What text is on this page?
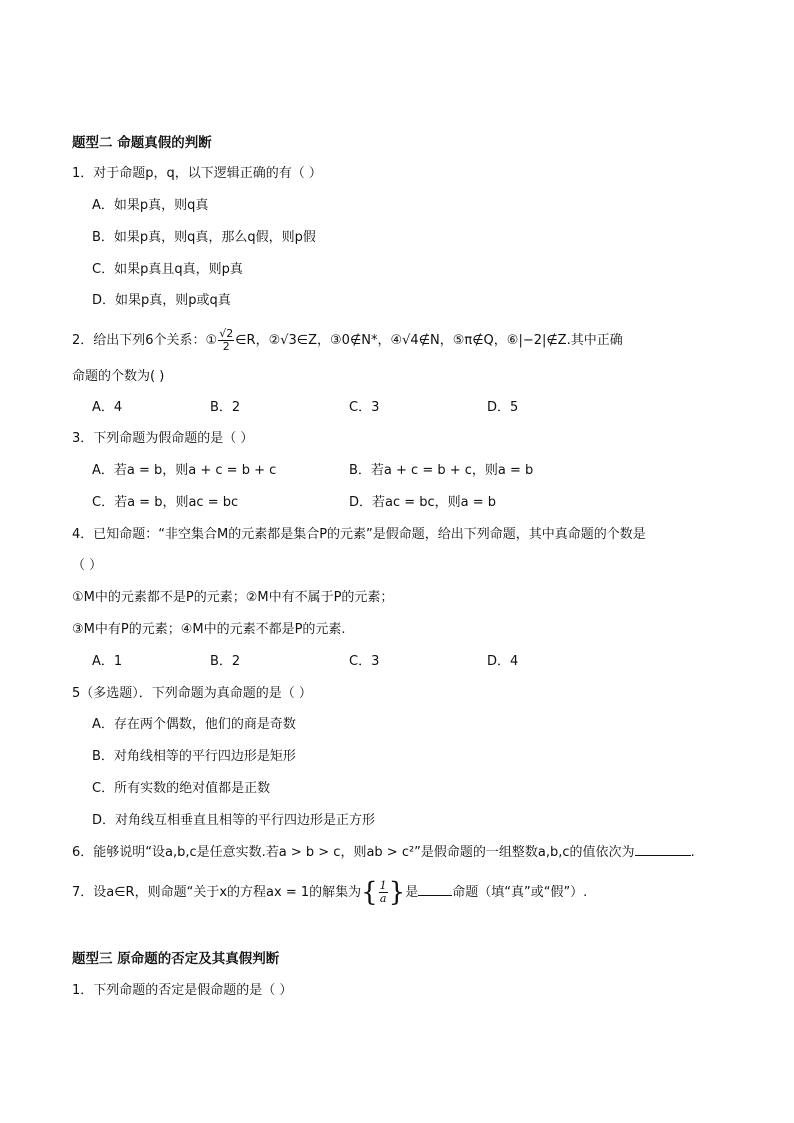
题型二 命题真假的判断
1．对于命题p，q，以下逻辑正确的有（ ）
A．如果p真，则q真
B．如果p真，则q真，那么q假，则p假
C．如果p真且q真，则p真
D．如果p真，则p或q真
2．给出下列6个关系：① $\frac{√2}{2}$ ∈R，②√3∈Z，③0∉N*，④√4∉N，⑤π∉Q，⑥|−2|∉Z.其中正确
命题的个数为( )
A．4	B．2	C．3	D．5
3．下列命题为假命题的是（ ）
A．若a = b，则a + c = b + c	B．若a + c = b + c，则a = b
C．若a = b，则ac = bc	D．若ac = bc，则a = b
4．已知命题：“非空集合M的元素都是集合P的元素”是假命题，给出下列命题，其中真命题的个数是
（ ）
①M中的元素都不是P的元素；②M中有不属于P的元素；
③M中有P的元素；④M中的元素不都是P的元素.
A．1	B．2	C．3	D．4
5（多选题）．下列命题为真命题的是（ ）
A．存在两个偶数，他们的商是奇数
B．对角线相等的平行四边形是矩形
C．所有实数的绝对值都是正数
D．对角线互相垂直且相等的平行四边形是正方形
6．能够说明“设a,b,c是任意实数.若a > b > c，则ab > c²”是假命题的一组整数a,b,c的值依次为	.
7．设a∈R，则命题“关于x的方程ax = 1的解集为{ $\frac{1}{a}$ }是	命题（填“真”或“假”）.
题型三 原命题的否定及其真假判断
1．下列命题的否定是假命题的是（ ）
